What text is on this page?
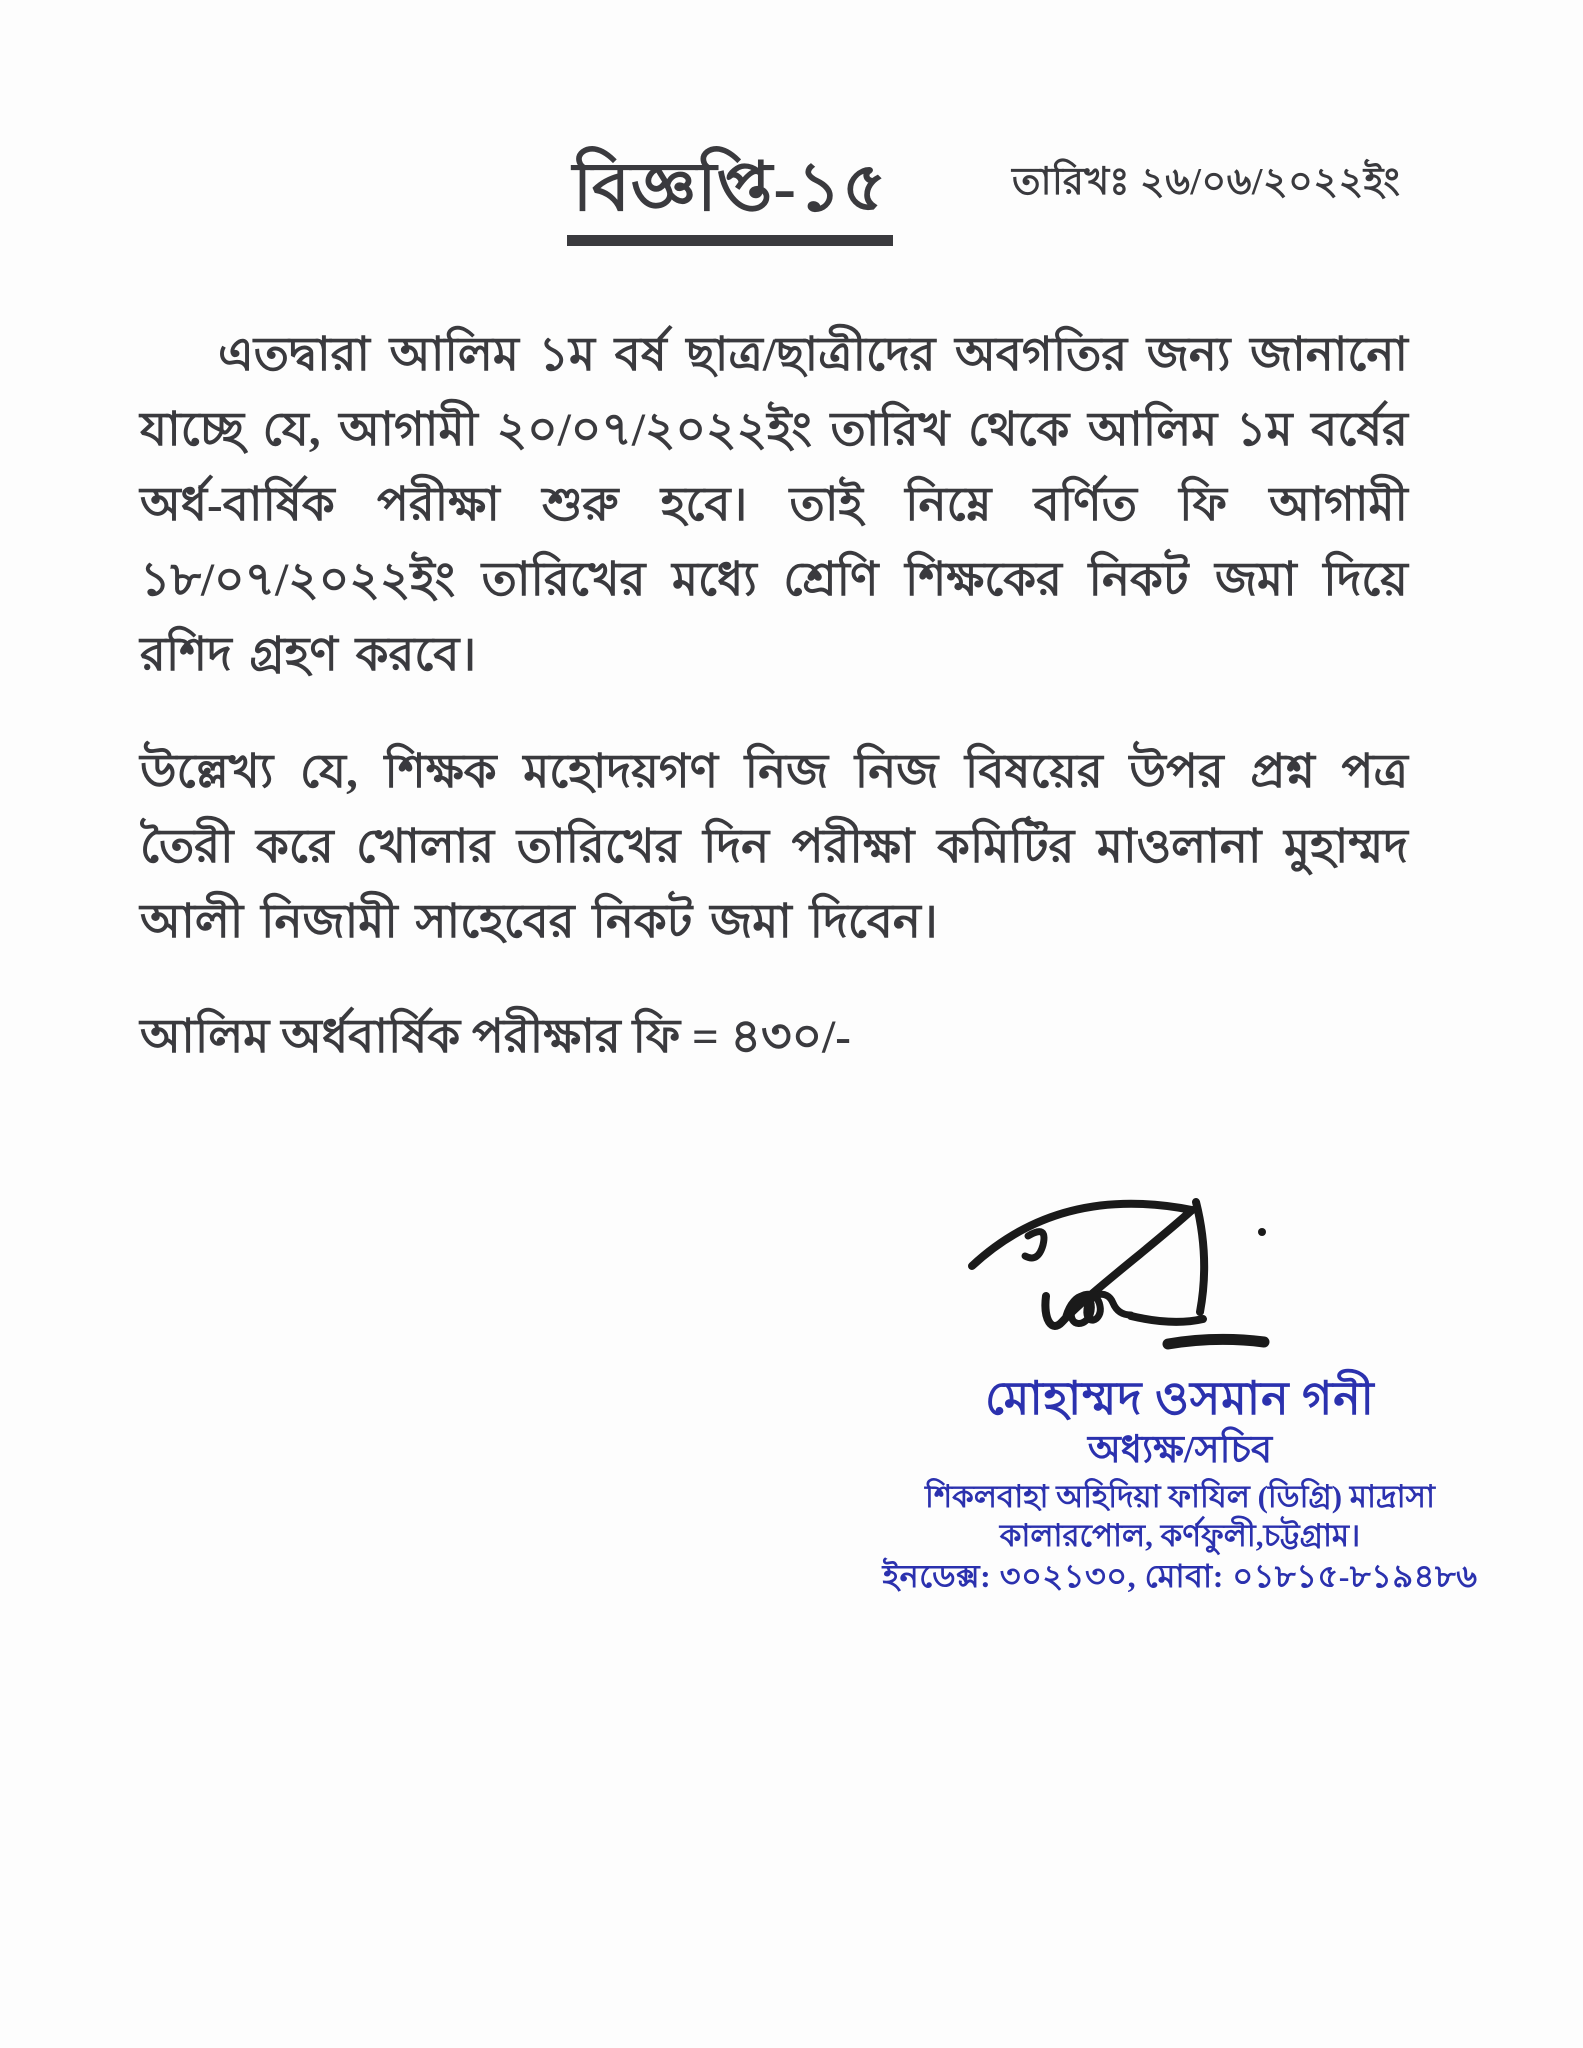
তারিখঃ ২৬/০৬/২০২২ইং
বিজ্ঞপ্তি-১৫

এতদ্বারা আলিম ১ম বর্ষ ছাত্র/ছাত্রীদের অবগতির জন্য জানানো যাচ্ছে যে, আগামী ২০/০৭/২০২২ইং তারিখ থেকে আলিম ১ম বর্ষের অর্ধ-বার্ষিক পরীক্ষা শুরু হবে। তাই নিম্নে বর্ণিত ফি আগামী ১৮/০৭/২০২২ইং তারিখের মধ্যে শ্রেণি শিক্ষকের নিকট জমা দিয়ে রশিদ গ্রহণ করবে।

উল্লেখ্য যে, শিক্ষক মহোদয়গণ নিজ নিজ বিষয়ের উপর প্রশ্ন পত্র তৈরী করে খোলার তারিখের দিন পরীক্ষা কমিটির মাওলানা মুহাম্মদ আলী নিজামী সাহেবের নিকট জমা দিবেন।

আলিম অর্ধবার্ষিক পরীক্ষার ফি = ৪৩০/-

মোহাম্মদ ওসমান গনী
অধ্যক্ষ/সচিব
শিকলবাহা অহিদিয়া ফাযিল (ডিগ্রি) মাদ্রাসা
কালারপোল, কর্ণফুলী,চট্টগ্রাম।
ইনডেক্স: ৩০২১৩০, মোবা: ০১৮১৫-৮১৯৪৮৬
